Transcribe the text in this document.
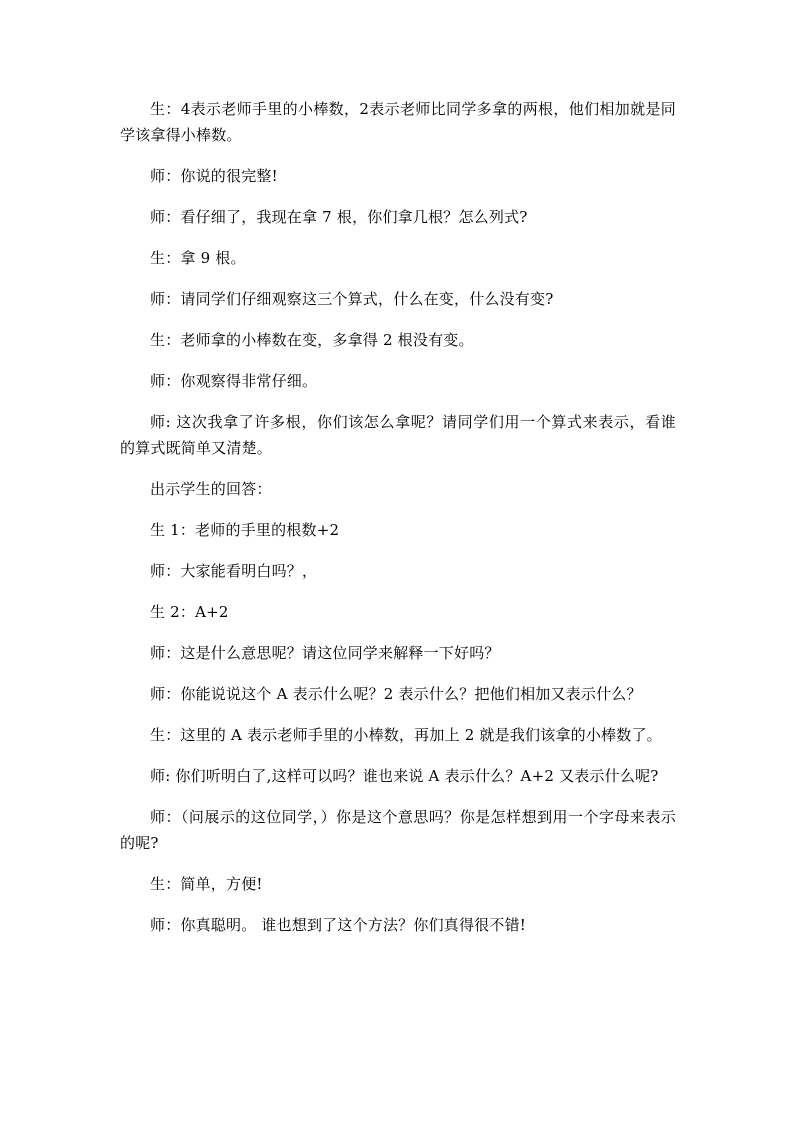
生：4表示老师手里的小棒数，2表示老师比同学多拿的两根，他们相加就是同学该拿得小棒数。

师：你说的很完整!

师：看仔细了，我现在拿 7 根，你们拿几根？怎么列式?

生：拿 9 根。

师：请同学们仔细观察这三个算式，什么在变，什么没有变?

生：老师拿的小棒数在变，多拿得 2 根没有变。

师：你观察得非常仔细。

师: 这次我拿了许多根，你们该怎么拿呢？请同学们用一个算式来表示，看谁的算式既简单又清楚。

出示学生的回答：

生 1：老师的手里的根数+2

师：大家能看明白吗？，

生 2：A+2

师：这是什么意思呢？请这位同学来解释一下好吗？

师：你能说说这个 A 表示什么呢？2 表示什么？把他们相加又表示什么？

生：这里的 A 表示老师手里的小棒数，再加上 2 就是我们该拿的小棒数了。

师: 你们听明白了,这样可以吗？谁也来说 A 表示什么？A+2 又表示什么呢?

师：（问展示的这位同学，）你是这个意思吗？你是怎样想到用一个字母来表示的呢?

生：简单，方便!

师：你真聪明。 谁也想到了这个方法？你们真得很不错!
